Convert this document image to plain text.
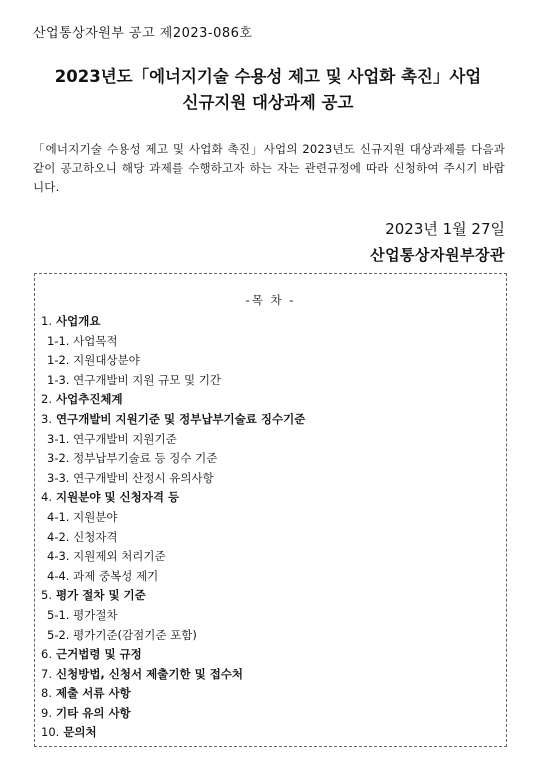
산업통상자원부 공고 제2023-086호
2023년도「에너지기술 수용성 제고 및 사업화 촉진」사업
신규지원 대상과제 공고

「에너지기술 수용성 제고 및 사업화 촉진」사업의 2023년도 신규지원 대상과제를 다음과 같이 공고하오니 해당 과제를 수행하고자 하는 자는 관련규정에 따라 신청하여 주시기 바랍니다.

2023년 1월 27일
산업통상자원부장관
-목 차 -
1. 사업개요
1-1. 사업목적
1-2. 지원대상분야
1-3. 연구개발비 지원 규모 및 기간
2. 사업추진체계
3. 연구개발비 지원기준 및 정부납부기술료 징수기준
3-1. 연구개발비 지원기준
3-2. 정부납부기술료 등 징수 기준
3-3. 연구개발비 산정시 유의사항
4. 지원분야 및 신청자격 등
4-1. 지원분야
4-2. 신청자격
4-3. 지원제외 처리기준
4-4. 과제 중복성 제기
5. 평가 절차 및 기준
5-1. 평가절차
5-2. 평가기준(감점기준 포함)
6. 근거법령 및 규정
7. 신청방법, 신청서 제출기한 및 접수처
8. 제출 서류 사항
9. 기타 유의 사항
10. 문의처
